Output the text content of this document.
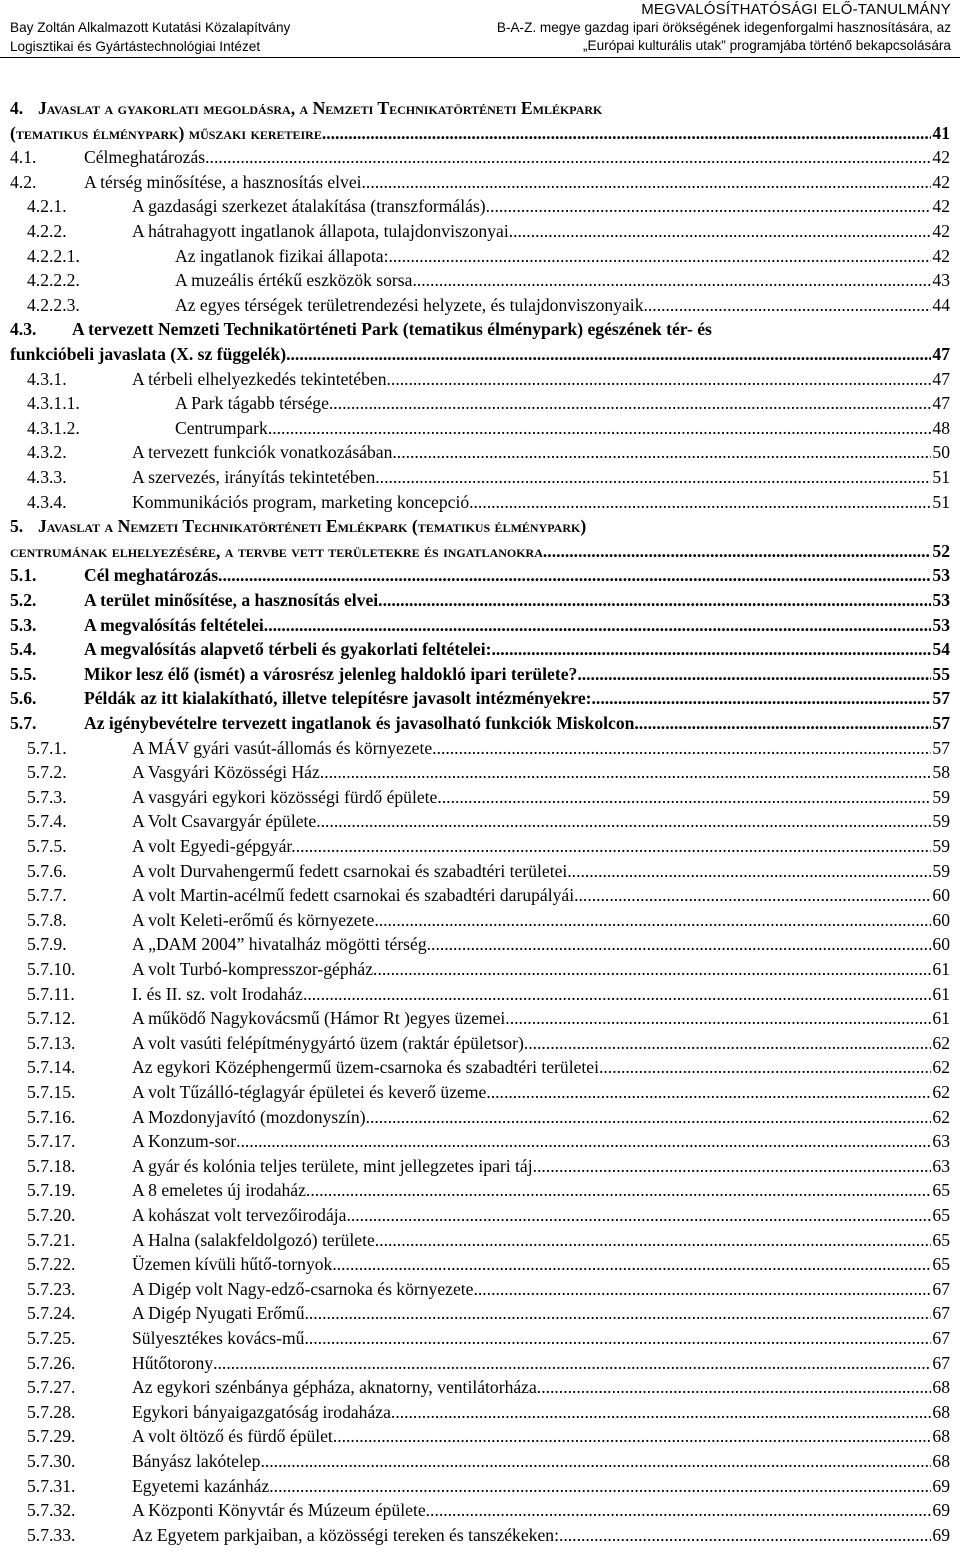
Bay Zoltán Alkalmazott Kutatási Közalapítvány
Logisztikai és Gyártástechnológiai Intézet
MEGVALÓSÍTHATÓSÁGI ELŐ-TANULMÁNY
B-A-Z. megye gazdag ipari örökségének idegenforgalmi hasznosítására, az
„Európai kulturális utak” programjába történő bekapcsolására
4. Javaslat a gyakorlati megoldásra, a Nemzeti Technikatörténeti Emlékpark
(tematikus élménypark) műszaki kereteire .....	41
4.1.	Célmeghatározás .....	42
4.2.	A térség minősítése, a hasznosítás elvei .....	42
4.2.1.	A gazdasági szerkezet átalakítása (transzformálás) .....	42
4.2.2.	A hátrahagyott ingatlanok állapota, tulajdonviszonyai .....	42
4.2.2.1.	Az ingatlanok fizikai állapota: .....	42
4.2.2.2.	A muzeális értékű eszközök sorsa .....	43
4.2.2.3.	Az egyes térségek területrendezési helyzete, és tulajdonviszonyaik .....	44
4.3. A tervezett Nemzeti Technikatörténeti Park (tematikus élménypark) egészének tér- és
funkcióbeli javaslata (X. sz függelék) .....	47
4.3.1.	A térbeli elhelyezkedés tekintetében .....	47
4.3.1.1.	A Park tágabb térsége .....	47
4.3.1.2.	Centrumpark .....	48
4.3.2.	A tervezett funkciók vonatkozásában .....	50
4.3.3.	A szervezés, irányítás tekintetében .....	51
4.3.4.	Kommunikációs program, marketing koncepció .....	51
5. Javaslat a Nemzeti Technikatörténeti Emlékpark (tematikus élménypark)
centrumának elhelyezésére, a tervbe vett területekre és ingatlanokra .....	52
5.1.	Cél meghatározás .....	53
5.2.	A terület minősítése, a hasznosítás elvei .....	53
5.3.	A megvalósítás feltételei .....	53
5.4.	A megvalósítás alapvető térbeli és gyakorlati feltételei: .....	54
5.5.	Mikor lesz élő (ismét) a városrész jelenleg haldokló ipari területe? .....	55
5.6.	Példák az itt kialakítható, illetve telepítésre javasolt intézményekre: .....	57
5.7.	Az igénybevételre tervezett ingatlanok és javasolható funkciók Miskolcon .....	57
5.7.1.	A MÁV gyári vasút-állomás és környezete .....	57
5.7.2.	A Vasgyári Közösségi Ház .....	58
5.7.3.	A vasgyári egykori közösségi fürdő épülete .....	59
5.7.4.	A Volt Csavargyár épülete. .....	59
5.7.5.	A volt Egyedi-gépgyár. .....	59
5.7.6.	A volt Durvahengermű fedett csarnokai és szabadtéri területei .....	59
5.7.7.	A volt Martin-acélmű fedett csarnokai és szabadtéri darupályái .....	60
5.7.8.	A volt Keleti-erőmű és környezete .....	60
5.7.9.	A „DAM 2004” hivatalház mögötti térség .....	60
5.7.10.	A volt Turbó-kompresszor-gépház .....	61
5.7.11.	I. és II. sz. volt Irodaház .....	61
5.7.12.	A működő Nagykovácsmű (Hámor Rt )egyes üzemei .....	61
5.7.13.	A volt vasúti felépítménygyártó üzem (raktár épületsor) .....	62
5.7.14.	Az egykori Középhengermű üzem-csarnoka és szabadtéri területei. .....	62
5.7.15.	A volt Tűzálló-téglagyár épületei és keverő üzeme .....	62
5.7.16.	A Mozdonyjavító (mozdonyszín) .....	62
5.7.17.	A Konzum-sor .....	63
5.7.18.	A gyár és kolónia teljes területe, mint jellegzetes ipari táj .....	63
5.7.19.	A 8 emeletes új irodaház .....	65
5.7.20.	A kohászat volt tervezőirodája .....	65
5.7.21.	A Halna (salakfeldolgozó) területe .....	65
5.7.22.	Üzemen kívüli hűtő-tornyok .....	65
5.7.23.	A Digép volt Nagy-edző-csarnoka és környezete .....	67
5.7.24.	A Digép Nyugati Erőmű .....	67
5.7.25.	Sülyesztékes kovács-mű .....	67
5.7.26.	Hűtőtorony .....	67
5.7.27.	Az egykori szénbánya gépháza, aknatorny, ventilátorháza .....	68
5.7.28.	Egykori bányaigazgatóság irodaháza .....	68
5.7.29.	A volt öltöző és fürdő épület .....	68
5.7.30.	Bányász lakótelep .....	68
5.7.31.	Egyetemi kazánház .....	69
5.7.32.	A Központi Könyvtár és Múzeum épülete .....	69
5.7.33.	Az Egyetem parkjaiban, a közösségi tereken és tanszékeken: .....	69
